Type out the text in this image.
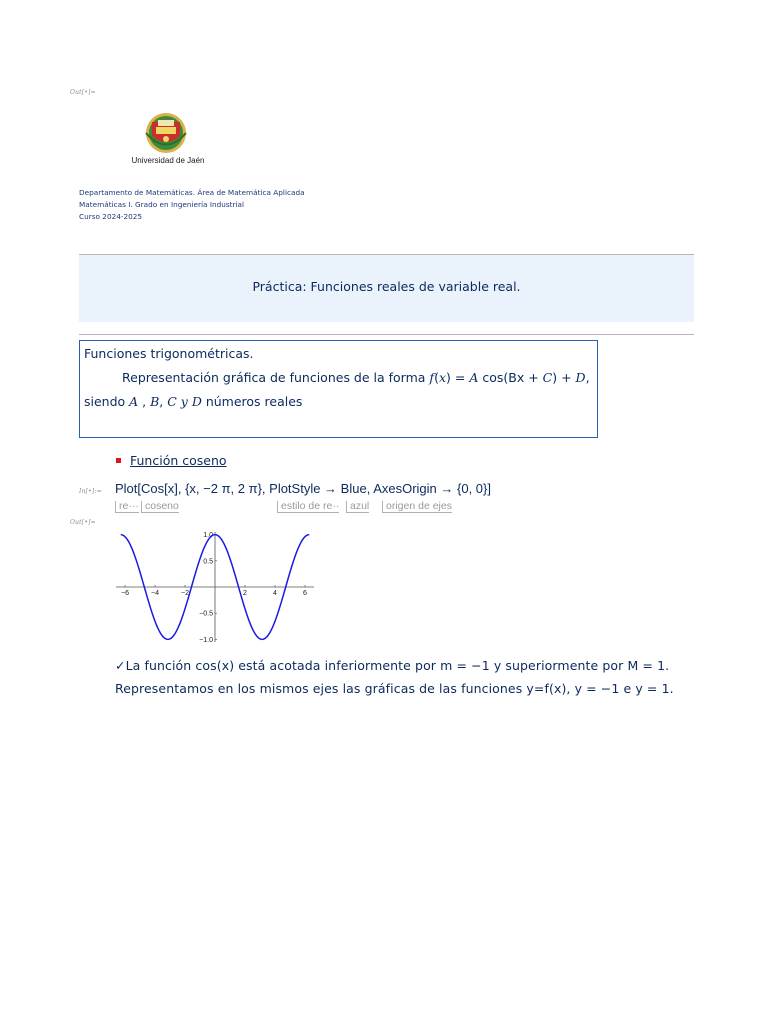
Out[•]=
Universidad de Jaén
Departamento de Matemáticas. Área de Matemática Aplicada
Matemáticas I. Grado en Ingeniería Industrial
Curso 2024-2025
Práctica: Funciones reales de variable real.
Funciones trigonométricas.
Representación gráfica de funciones de la forma f(x) = A cos(Bx + C) + D,
siendo A , B, C y D números reales
Función coseno
In[•]:= Plot[Cos[x], {x, −2 π, 2 π}, PlotStyle → Blue, AxesOrigin → {0, 0}]
re··· coseno	estilo de re··	azul	origen de ejes
Out[•]=
−6	−4	−2	2	4	6
−1.0
−0.5
0.5
1.0
✓La función cos(x) está acotada inferiormente por m = −1 y superiormente por M = 1.
Representamos en los mismos ejes las gráficas de las funciones y=f(x), y = −1 e y = 1.
